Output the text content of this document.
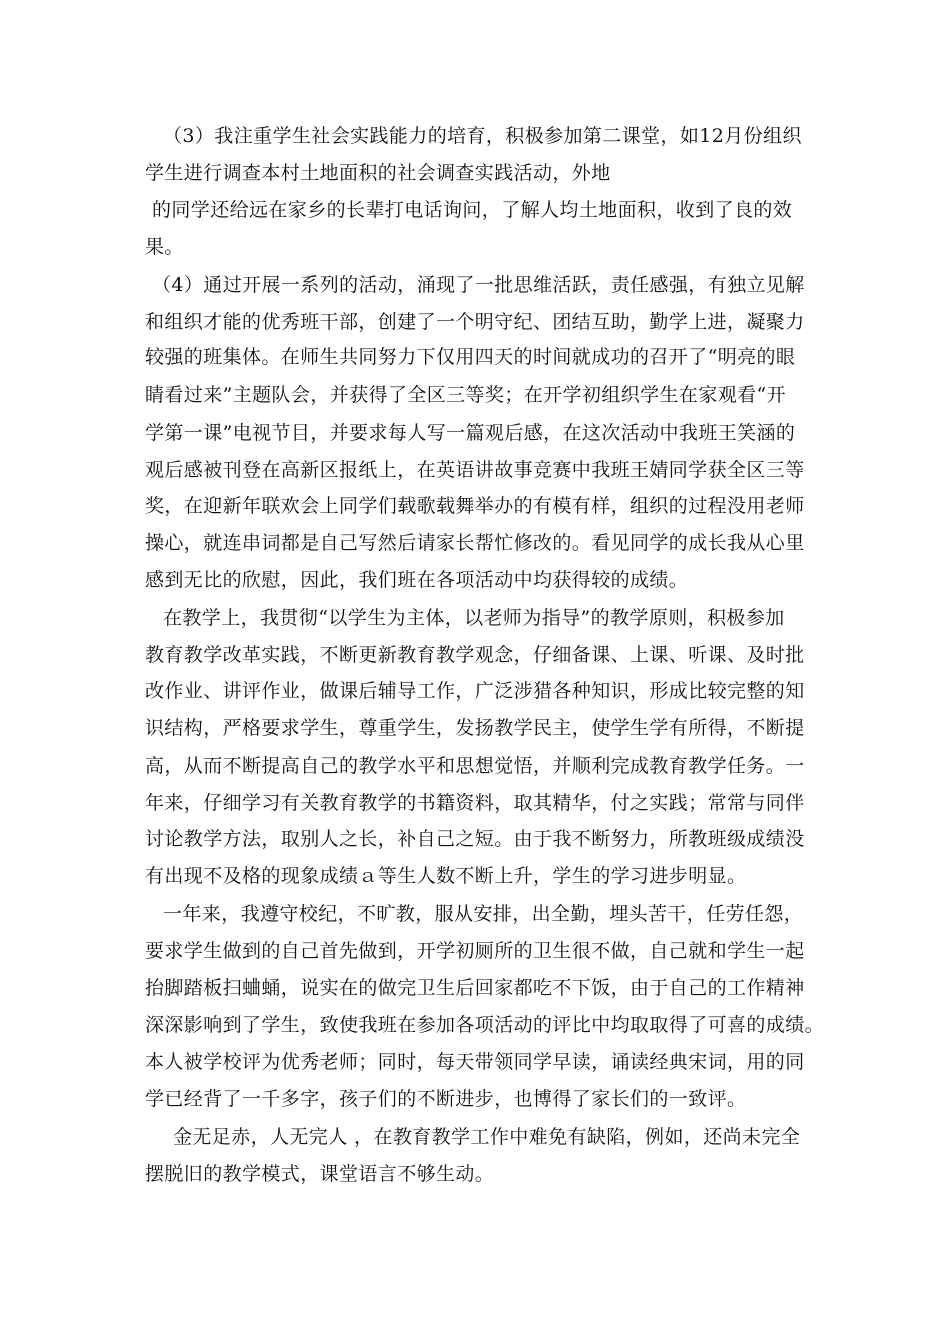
（3）我注重学生社会实践能力的培育，积极参加第二课堂，如12月份组织
学生进行调查本村土地面积的社会调查实践活动，外地
的同学还给远在家乡的长辈打电话询问，了解人均土地面积，收到了良的效
果。
（4）通过开展一系列的活动，涌现了一批思维活跃，责任感强，有独立见解
和组织才能的优秀班干部，创建了一个明守纪、团结互助，勤学上进，凝聚力
较强的班集体。在师生共同努力下仅用四天的时间就成功的召开了“明亮的眼
睛看过来”主题队会，并获得了全区三等奖；在开学初组织学生在家观看“开
学第一课”电视节目，并要求每人写一篇观后感，在这次活动中我班王笑涵的
观后感被刊登在高新区报纸上，在英语讲故事竞赛中我班王婧同学获全区三等
奖，在迎新年联欢会上同学们载歌载舞举办的有模有样，组织的过程没用老师
操心，就连串词都是自己写然后请家长帮忙修改的。看见同学的成长我从心里
感到无比的欣慰，因此，我们班在各项活动中均获得较的成绩。
在教学上，我贯彻“以学生为主体，以老师为指导”的教学原则，积极参加
教育教学改革实践，不断更新教育教学观念，仔细备课、上课、听课、及时批
改作业、讲评作业，做课后辅导工作，广泛涉猎各种知识，形成比较完整的知
识结构，严格要求学生，尊重学生，发扬教学民主，使学生学有所得，不断提
高，从而不断提高自己的教学水平和思想觉悟，并顺利完成教育教学任务。一
年来，仔细学习有关教育教学的书籍资料，取其精华，付之实践；常常与同伴
讨论教学方法，取别人之长，补自己之短。由于我不断努力，所教班级成绩没
有出现不及格的现象成绩ａ等生人数不断上升，学生的学习进步明显。
一年来，我遵守校纪，不旷教，服从安排，出全勤，埋头苦干，任劳任怨，
要求学生做到的自己首先做到，开学初厕所的卫生很不做，自己就和学生一起
抬脚踏板扫蛐蛹，说实在的做完卫生后回家都吃不下饭，由于自己的工作精神
深深影响到了学生，致使我班在参加各项活动的评比中均取取得了可喜的成绩。
本人被学校评为优秀老师；同时，每天带领同学早读，诵读经典宋词，用的同
学已经背了一千多字，孩子们的不断进步，也博得了家长们的一致评。
金无足赤，人无完人 ，在教育教学工作中难免有缺陷，例如，还尚未完全
摆脱旧的教学模式，课堂语言不够生动。
